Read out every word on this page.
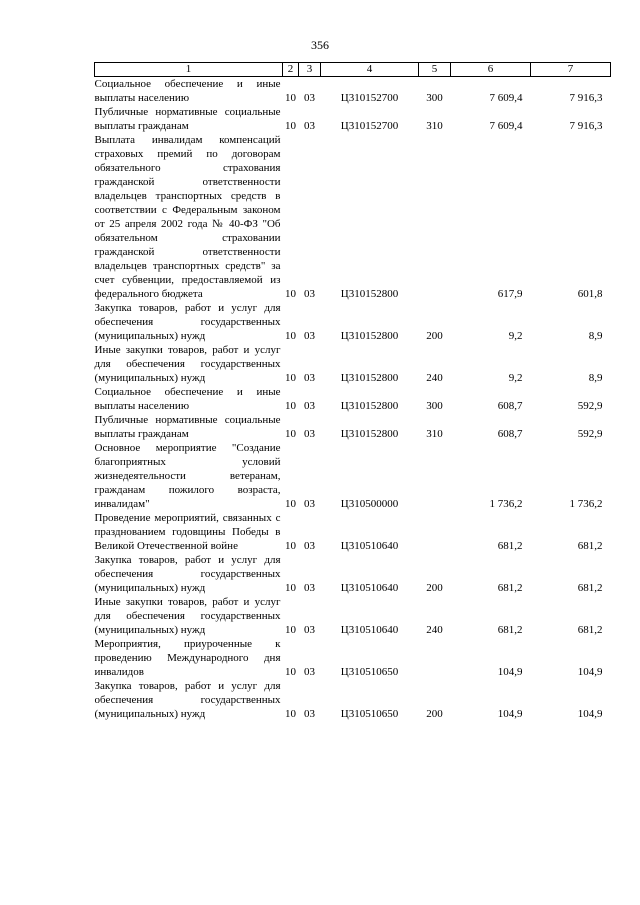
356
1	2	3	4	5	6	7
Социальное обеспечение и иные выплаты населению	10	03	Ц310152700	300	7 609,4	7 916,3
Публичные нормативные социальные выплаты гражданам	10	03	Ц310152700	310	7 609,4	7 916,3
Выплата инвалидам компенсаций страховых премий по договорам обязательного страхования гражданской ответственности владельцев транспортных средств в соответствии с Федеральным законом от 25 апреля 2002 года № 40-ФЗ "Об обязательном страховании гражданской ответственности владельцев транспортных средств" за счет субвенции, предоставляемой из федерального бюджета	10	03	Ц310152800		617,9	601,8
Закупка товаров, работ и услуг для обеспечения государственных (муниципальных) нужд	10	03	Ц310152800	200	9,2	8,9
Иные закупки товаров, работ и услуг для обеспечения государственных (муниципальных) нужд	10	03	Ц310152800	240	9,2	8,9
Социальное обеспечение и иные выплаты населению	10	03	Ц310152800	300	608,7	592,9
Публичные нормативные социальные выплаты гражданам	10	03	Ц310152800	310	608,7	592,9
Основное мероприятие "Создание благоприятных условий жизнедеятельности ветеранам, гражданам пожилого возраста, инвалидам"	10	03	Ц310500000		1 736,2	1 736,2
Проведение мероприятий, связанных с празднованием годовщины Победы в Великой Отечественной войне	10	03	Ц310510640		681,2	681,2
Закупка товаров, работ и услуг для обеспечения государственных (муниципальных) нужд	10	03	Ц310510640	200	681,2	681,2
Иные закупки товаров, работ и услуг для обеспечения государственных (муниципальных) нужд	10	03	Ц310510640	240	681,2	681,2
Мероприятия, приуроченные к проведению Международного дня инвалидов	10	03	Ц310510650		104,9	104,9
Закупка товаров, работ и услуг для обеспечения государственных (муниципальных) нужд	10	03	Ц310510650	200	104,9	104,9
